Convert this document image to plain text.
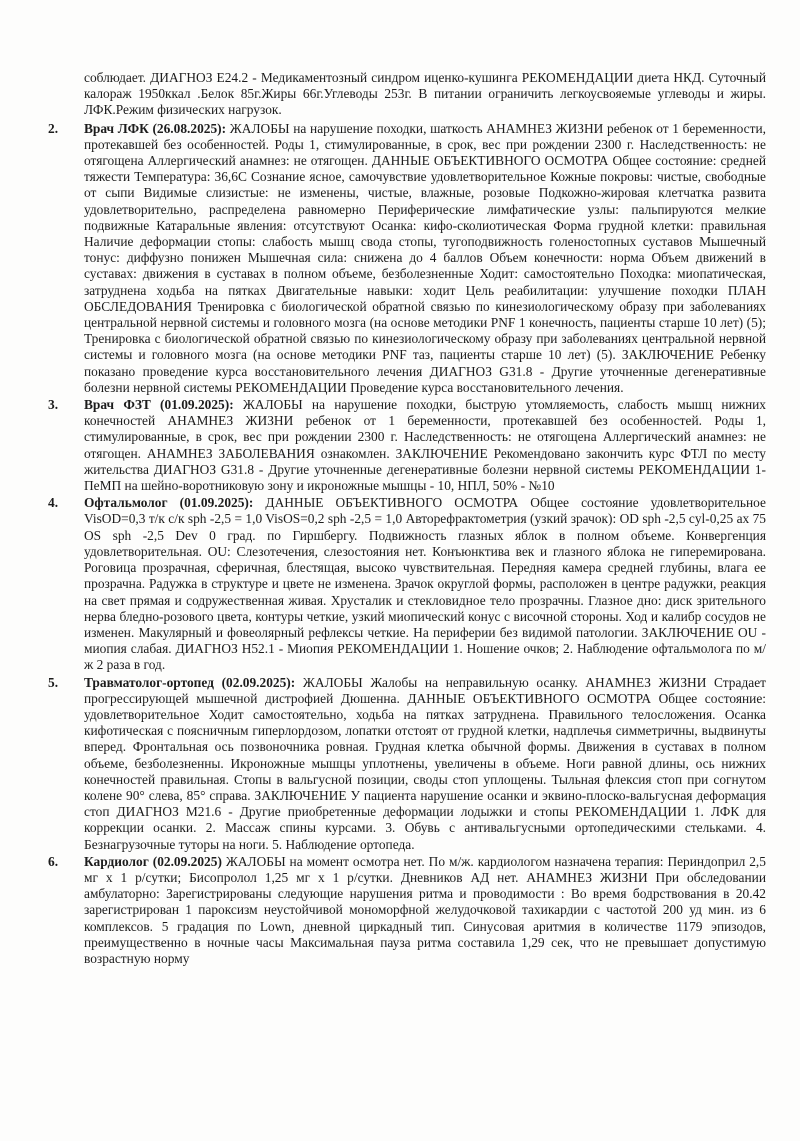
соблюдает. ДИАГНОЗ E24.2 - Медикаментозный синдром иценко-кушинга РЕКОМЕНДАЦИИ диета НКД. Суточный калораж 1950ккал .Белок 85г.Жиры 66г.Углеводы 253г. В питании ограничить легкоусвояемые углеводы и жиры. ЛФК.Режим физических нагрузок.

2. Врач ЛФК (26.08.2025): ЖАЛОБЫ на нарушение походки, шаткость АНАМНЕЗ ЖИЗНИ ребенок от 1 беременности, протекавшей без особенностей. Роды 1, стимулированные, в срок, вес при рождении 2300 г. Наследственность: не отягощена Аллергический анамнез: не отягощен. ДАННЫЕ ОБЪЕКТИВНОГО ОСМОТРА Общее состояние: средней тяжести Температура: 36,6С Сознание ясное, самочувствие удовлетворительное Кожные покровы: чистые, свободные от сыпи Видимые слизистые: не изменены, чистые, влажные, розовые Подкожно-жировая клетчатка развита удовлетворительно, распределена равномерно Периферические лимфатические узлы: пальпируются мелкие подвижные Катаральные явления: отсутствуют Осанка: кифо-сколиотическая Форма грудной клетки: правильная Наличие деформации стопы: слабость мышц свода стопы, тугоподвижность голеностопных суставов Мышечный тонус: диффузно понижен Мышечная сила: снижена до 4 баллов Объем конечности: норма Объем движений в суставах: движения в суставах в полном объеме, безболезненные Ходит: самостоятельно Походка: миопатическая, затруднена ходьба на пятках Двигательные навыки: ходит Цель реабилитации: улучшение походки ПЛАН ОБСЛЕДОВАНИЯ Тренировка с биологической обратной связью по кинезиологическому образу при заболеваниях центральной нервной системы и головного мозга (на основе методики PNF 1 конечность, пациенты старше 10 лет) (5); Тренировка с биологической обратной связью по кинезиологическому образу при заболеваниях центральной нервной системы и головного мозга (на основе методики PNF таз, пациенты старше 10 лет) (5). ЗАКЛЮЧЕНИЕ Ребенку показано проведение курса восстановительного лечения ДИАГНОЗ G31.8 - Другие уточненные дегенеративные болезни нервной системы РЕКОМЕНДАЦИИ Проведение курса восстановительного лечения.
3. Врач ФЗТ (01.09.2025): ЖАЛОБЫ на нарушение походки, быструю утомляемость, слабость мышц нижних конечностей АНАМНЕЗ ЖИЗНИ ребенок от 1 беременности, протекавшей без особенностей. Роды 1, стимулированные, в срок, вес при рождении 2300 г. Наследственность: не отягощена Аллергический анамнез: не отягощен. АНАМНЕЗ ЗАБОЛЕВАНИЯ ознакомлен. ЗАКЛЮЧЕНИЕ Рекомендовано закончить курс ФТЛ по месту жительства ДИАГНОЗ G31.8 - Другие уточненные дегенеративные болезни нервной системы РЕКОМЕНДАЦИИ 1- ПеМП на шейно-воротниковую зону и икроножные мышцы - 10, НПЛ, 50% - №10
4. Офтальмолог (01.09.2025): ДАННЫЕ ОБЪЕКТИВНОГО ОСМОТРА Общее состояние удовлетворительное VisOD=0,3 т/к с/к sph -2,5 = 1,0 VisOS=0,2 sph -2,5 = 1,0 Авторефрактометрия (узкий зрачок): OD sph -2,5 cyl-0,25 ax 75 OS sph -2,5 Dev 0 град. по Гиршбергу. Подвижность глазных яблок в полном объеме. Конвергенция удовлетворительная. OU: Слезотечения, слезостояния нет. Конъюнктива век и глазного яблока не гиперемирована. Роговица прозрачная, сферичная, блестящая, высоко чувствительная. Передняя камера средней глубины, влага ее прозрачна. Радужка в структуре и цвете не изменена. Зрачок округлой формы, расположен в центре радужки, реакция на свет прямая и содружественная живая. Хрусталик и стекловидное тело прозрачны. Глазное дно: диск зрительного нерва бледно-розового цвета, контуры четкие, узкий миопический конус с височной стороны. Ход и калибр сосудов не изменен. Макулярный и фовеолярный рефлексы четкие. На периферии без видимой патологии. ЗАКЛЮЧЕНИЕ OU - миопия слабая. ДИАГНОЗ H52.1 - Миопия РЕКОМЕНДАЦИИ 1. Ношение очков; 2. Наблюдение офтальмолога по м/ж 2 раза в год.
5. Травматолог-ортопед (02.09.2025): ЖАЛОБЫ Жалобы на неправильную осанку. АНАМНЕЗ ЖИЗНИ Страдает прогрессирующей мышечной дистрофией Дюшенна. ДАННЫЕ ОБЪЕКТИВНОГО ОСМОТРА Общее состояние: удовлетворительное Ходит самостоятельно, ходьба на пятках затруднена. Правильного телосложения. Осанка кифотическая с поясничным гиперлордозом, лопатки отстоят от грудной клетки, надплечья симметричны, выдвинуты вперед. Фронтальная ось позвоночника ровная. Грудная клетка обычной формы. Движения в суставах в полном объеме, безболезненны. Икроножные мышцы уплотнены, увеличены в объеме. Ноги равной длины, ось нижних конечностей правильная. Стопы в вальгусной позиции, своды стоп уплощены. Тыльная флексия стоп при согнутом колене 90° слева, 85° справа. ЗАКЛЮЧЕНИЕ У пациента нарушение осанки и эквино-плоско-вальгусная деформация стоп ДИАГНОЗ M21.6 - Другие приобретенные деформации лодыжки и стопы РЕКОМЕНДАЦИИ 1. ЛФК для коррекции осанки. 2. Массаж спины курсами. 3. Обувь с антивальгусными ортопедическими стельками. 4. Безнагрузочные туторы на ноги. 5. Наблюдение ортопеда.
6. Кардиолог (02.09.2025) ЖАЛОБЫ на момент осмотра нет. По м/ж. кардиологом назначена терапия: Периндоприл 2,5 мг х 1 р/сутки; Бисопролол 1,25 мг х 1 р/сутки. Дневников АД нет. АНАМНЕЗ ЖИЗНИ При обследовании амбулаторно: Зарегистрированы следующие нарушения ритма и проводимости : Во время бодрствования в 20.42 зарегистрирован 1 пароксизм неустойчивой мономорфной желудочковой тахикардии с частотой 200 уд мин. из 6 комплексов. 5 градация по Lown, дневной циркадный тип. Синусовая аритмия в количестве 1179 эпизодов, преимущественно в ночные часы Максимальная пауза ритма составила 1,29 сек, что не превышает допустимую возрастную норму
